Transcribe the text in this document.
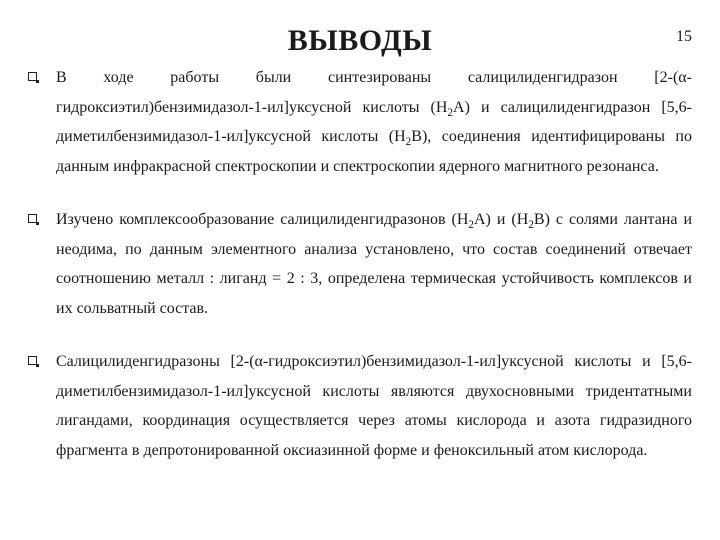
ВЫВОДЫ	15
В ходе работы были синтезированы салицилиденгидразон [2-(α-гидроксиэтил)бензимидазол-1-ил]уксусной кислоты $(H_2A)$ и салицилиденгидразон [5,6-диметилбензимидазол-1-ил]уксусной кислоты $(H_2B)$, соединения идентифицированы по данным инфракрасной спектроскопии и спектроскопии ядерного магнитного резонанса.
Изучено комплексообразование салицилиденгидразонов $(H_2A)$ и $(H_2B)$ с солями лантана и неодима, по данным элементного анализа установлено, что состав соединений отвечает соотношению металл : лиганд = 2 : 3, определена термическая устойчивость комплексов и их сольватный состав.
Салицилиденгидразоны [2-(α-гидроксиэтил)бензимидазол-1-ил]уксусной кислоты и [5,6-диметилбензимидазол-1-ил]уксусной кислоты являются двухосновными тридентатными лигандами, координация осуществляется через атомы кислорода и азота гидразидного фрагмента в депротонированной оксиазинной форме и феноксильный атом кислорода.
